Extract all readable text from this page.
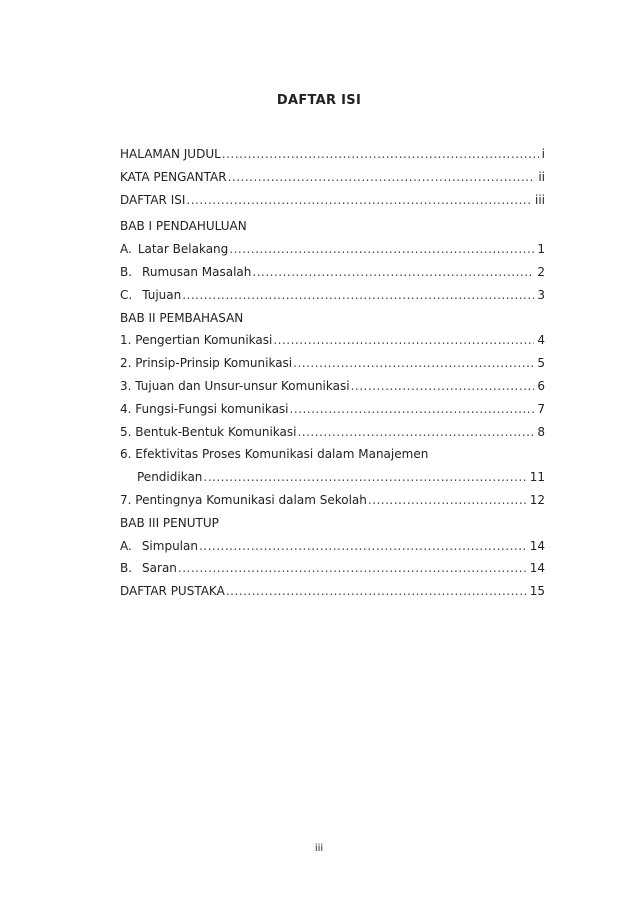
DAFTAR ISI
HALAMAN JUDUL .....	i
KATA PENGANTAR .....	ii
DAFTAR ISI .....	iii
BAB I PENDAHULUAN
A. Latar Belakang .....	1
B. Rumusan Masalah .....	2
C. Tujuan .....	3
BAB II PEMBAHASAN
1. Pengertian Komunikasi .....	4
2. Prinsip-Prinsip Komunikasi .....	5
3. Tujuan dan Unsur-unsur Komunikasi .....	6
4. Fungsi-Fungsi komunikasi .....	7
5. Bentuk-Bentuk Komunikasi .....	8
6. Efektivitas Proses Komunikasi dalam Manajemen
Pendidikan .....	11
7. Pentingnya Komunikasi dalam Sekolah .....	12
BAB III PENUTUP
A. Simpulan .....	14
B. Saran .....	14
DAFTAR PUSTAKA .....	15
iii
